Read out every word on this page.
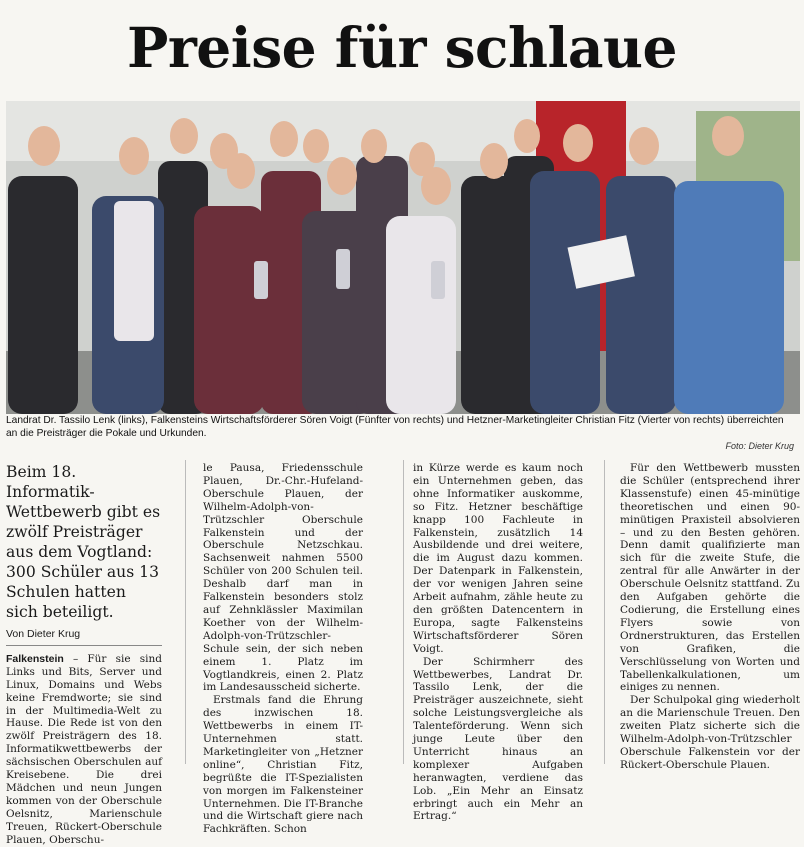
Preise für schlaue
Landrat Dr. Tassilo Lenk (links), Falkensteins Wirtschaftsförderer Sören Voigt (Fünfter von rechts) und Hetzner-Marketingleiter Christian Fitz (Vierter von rechts) überreichten an die Preisträger die Pokale und Urkunden.
Foto: Dieter Krug

Beim 18. Informatik-Wettbewerb gibt es zwölf Preisträger aus dem Vogtland: 300 Schüler aus 13 Schulen hatten sich beteiligt.

Von Dieter Krug

Falkenstein – Für sie sind Links und Bits, Server und Linux, Domains und Webs keine Fremdworte; sie sind in der Multimedia-Welt zu Hause. Die Rede ist von den zwölf Preisträgern des 18. Informatikwettbewerbs der sächsischen Oberschulen auf Kreisebene. Die drei Mädchen und neun Jungen kommen von der Oberschule Oelsnitz, Marienschule Treuen, Rückert-Oberschule Plauen, Oberschu-

le Pausa, Friedensschule Plauen, Dr.-Chr.-Hufeland-Oberschule Plauen, der Wilhelm-Adolph-von-Trützschler Oberschule Falkenstein und der Oberschule Netzschkau. Sachsenweit nahmen 5500 Schüler von 200 Schulen teil. Deshalb darf man in Falkenstein besonders stolz auf Zehnklässler Maximilan Koether von der Wilhelm-Adolph-von-Trützschler-Schule sein, der sich neben einem 1. Platz im Vogtlandkreis, einen 2. Platz im Landesausscheid sicherte.

Erstmals fand die Ehrung des inzwischen 18. Wettbewerbs in einem IT-Unternehmen statt. Marketingleiter von „Hetzner online“, Christian Fitz, begrüßte die IT-Spezialisten von morgen im Falkensteiner Unternehmen. Die IT-Branche und die Wirtschaft giere nach Fachkräften. Schon

in Kürze werde es kaum noch ein Unternehmen geben, das ohne Informatiker auskomme, so Fitz. Hetzner beschäftige knapp 100 Fachleute in Falkenstein, zusätzlich 14 Ausbildende und drei weitere, die im August dazu kommen. Der Datenpark in Falkenstein, der vor wenigen Jahren seine Arbeit aufnahm, zähle heute zu den größten Datencentern in Europa, sagte Falkensteins Wirtschaftsförderer Sören Voigt.

Der Schirmherr des Wettbewerbes, Landrat Dr. Tassilo Lenk, der die Preisträger auszeichnete, sieht solche Leistungsvergleiche als Talenteförderung. Wenn sich junge Leute über den Unterricht hinaus an komplexer Aufgaben heranwagten, verdiene das Lob. „Ein Mehr an Einsatz erbringt auch ein Mehr an Ertrag.“

Für den Wettbewerb mussten die Schüler (entsprechend ihrer Klassenstufe) einen 45-minütige theoretischen und einen 90-minütigen Praxisteil absolvieren – und zu den Besten gehören. Denn damit qualifizierte man sich für die zweite Stufe, die zentral für alle Anwärter in der Oberschule Oelsnitz stattfand. Zu den Aufgaben gehörte die Codierung, die Erstellung eines Flyers sowie von Ordnerstrukturen, das Erstellen von Grafiken, die Verschlüsselung von Worten und Tabellenkalkulationen, um einiges zu nennen.

Der Schulpokal ging wiederholt an die Marienschule Treuen. Den zweiten Platz sicherte sich die Wilhelm-Adolph-von-Trützschler Oberschule Falkenstein vor der Rückert-Oberschule Plauen.
